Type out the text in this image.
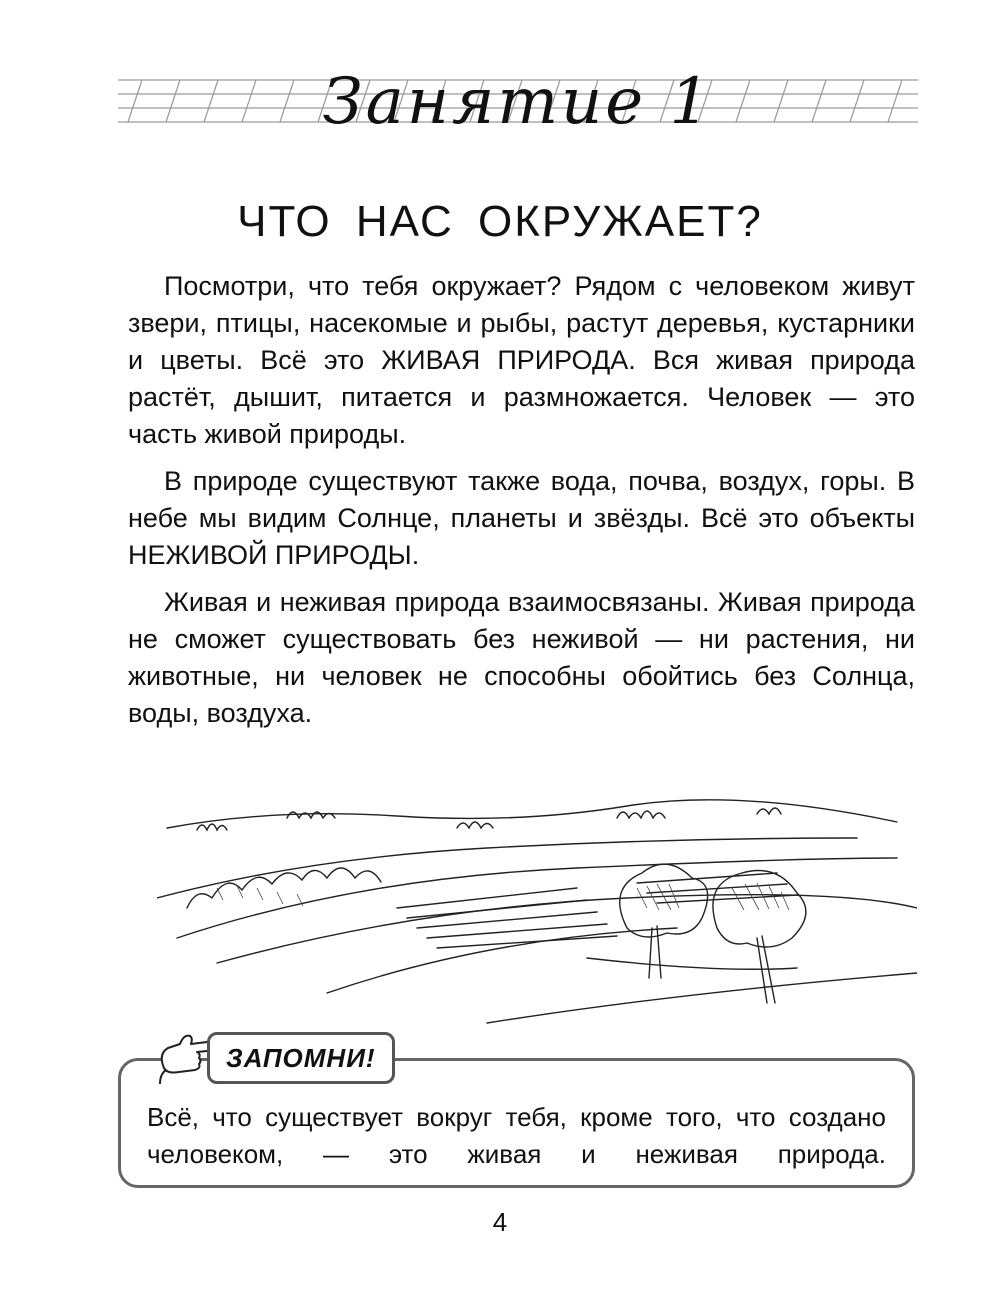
Занятие 1
ЧТО НАС ОКРУЖАЕТ?

Посмотри, что тебя окружает? Рядом с человеком живут звери, птицы, насекомые и рыбы, растут деревья, кустарники и цветы. Всё это ЖИВАЯ ПРИРОДА. Вся живая природа растёт, дышит, питается и размножается. Человек — это часть живой природы.

В природе существуют также вода, почва, воздух, горы. В небе мы видим Солнце, планеты и звёзды. Всё это объекты НЕЖИВОЙ ПРИРОДЫ.

Живая и неживая природа взаимосвязаны. Живая природа не сможет существовать без неживой — ни растения, ни животные, ни человек не способны обойтись без Солнца, воды, воздуха.

Всё, что существует вокруг тебя, кроме того, что создано человеком, — это живая и неживая природа.
ЗАПОМНИ!
4
